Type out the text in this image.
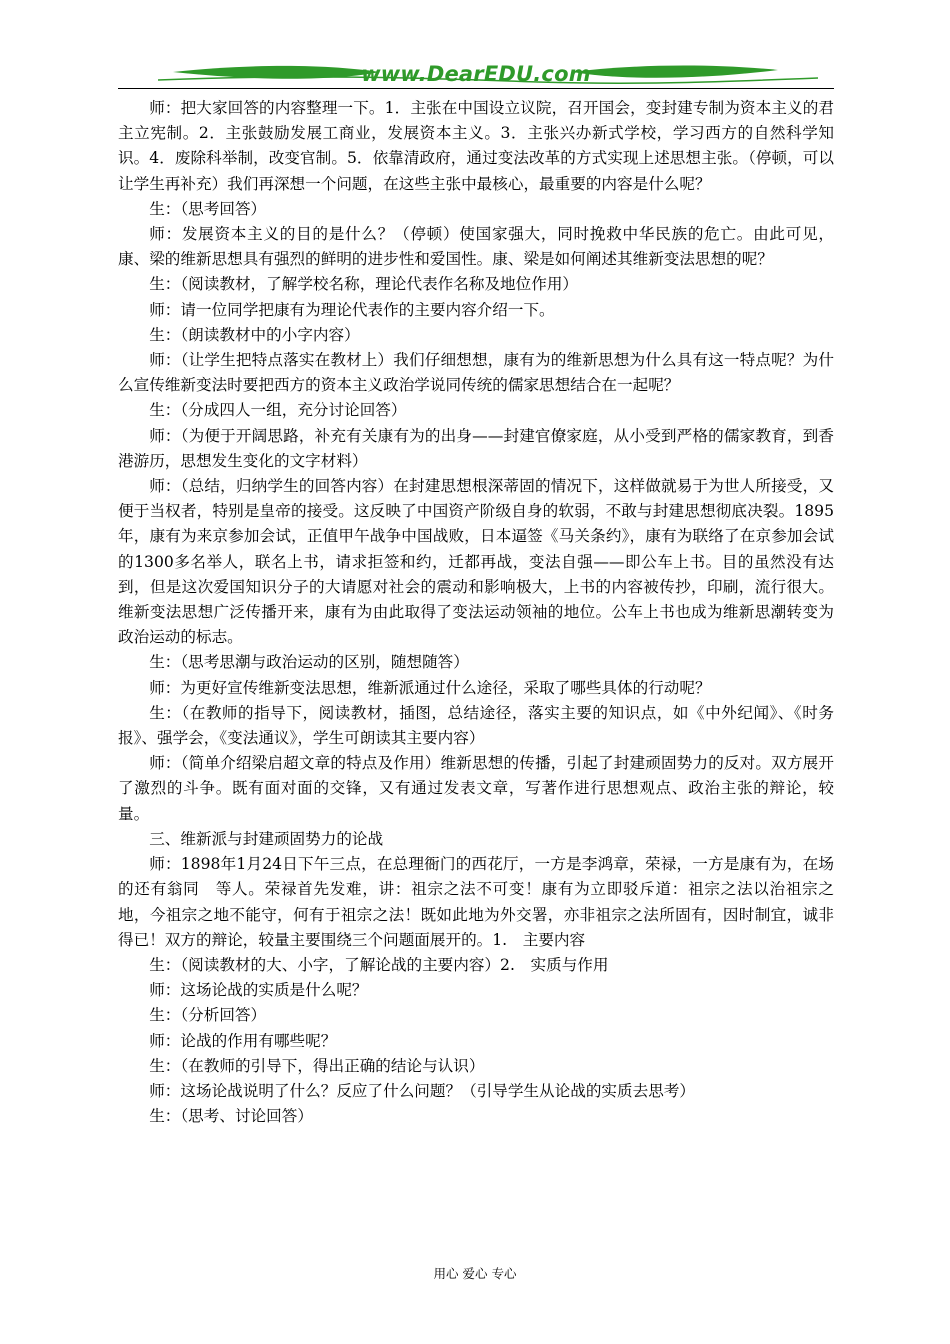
www.DearEDU.com

师：把大家回答的内容整理一下。1．主张在中国设立议院，召开国会，变封建专制为资本主义的君主立宪制。2．主张鼓励发展工商业，发展资本主义。3．主张兴办新式学校，学习西方的自然科学知识。4．废除科举制，改变官制。5．依靠清政府，通过变法改革的方式实现上述思想主张。（停顿，可以让学生再补充）我们再深想一个问题，在这些主张中最核心，最重要的内容是什么呢？

生：（思考回答）

师：发展资本主义的目的是什么？（停顿）使国家强大，同时挽救中华民族的危亡。由此可见，康、梁的维新思想具有强烈的鲜明的进步性和爱国性。康、梁是如何阐述其维新变法思想的呢？

生：（阅读教材，了解学校名称，理论代表作名称及地位作用）

师：请一位同学把康有为理论代表作的主要内容介绍一下。

生：（朗读教材中的小字内容）

师：（让学生把特点落实在教材上）我们仔细想想，康有为的维新思想为什么具有这一特点呢？为什么宣传维新变法时要把西方的资本主义政治学说同传统的儒家思想结合在一起呢？

生：（分成四人一组，充分讨论回答）

师：（为便于开阔思路，补充有关康有为的出身——封建官僚家庭，从小受到严格的儒家教育，到香港游历，思想发生变化的文字材料）

师：（总结，归纳学生的回答内容）在封建思想根深蒂固的情况下，这样做就易于为世人所接受，又便于当权者，特别是皇帝的接受。这反映了中国资产阶级自身的软弱，不敢与封建思想彻底决裂。1895年，康有为来京参加会试，正值甲午战争中国战败，日本逼签《马关条约》，康有为联络了在京参加会试的1300多名举人，联名上书，请求拒签和约，迁都再战，变法自强——即公车上书。目的虽然没有达到，但是这次爱国知识分子的大请愿对社会的震动和影响极大，上书的内容被传抄，印刷，流行很大。维新变法思想广泛传播开来，康有为由此取得了变法运动领袖的地位。公车上书也成为维新思潮转变为政治运动的标志。

生：（思考思潮与政治运动的区别，随想随答）

师：为更好宣传维新变法思想，维新派通过什么途径，采取了哪些具体的行动呢？

生：（在教师的指导下，阅读教材，插图，总结途径，落实主要的知识点，如《中外纪闻》、《时务报》、强学会，《变法通议》，学生可朗读其主要内容）

师：（简单介绍梁启超文章的特点及作用）维新思想的传播，引起了封建顽固势力的反对。双方展开了激烈的斗争。既有面对面的交锋，又有通过发表文章，写著作进行思想观点、政治主张的辩论，较量。

三、维新派与封建顽固势力的论战

师：1898年1月24日下午三点，在总理衙门的西花厅，一方是李鸿章，荣禄，一方是康有为，在场的还有翁同　等人。荣禄首先发难，讲：祖宗之法不可变！康有为立即驳斥道：祖宗之法以治祖宗之地，今祖宗之地不能守，何有于祖宗之法！既如此地为外交署，亦非祖宗之法所固有，因时制宜，诚非得已！双方的辩论，较量主要围绕三个问题面展开的。1.　主要内容

生：（阅读教材的大、小字，了解论战的主要内容）2.　实质与作用

师：这场论战的实质是什么呢？

生：（分析回答）

师：论战的作用有哪些呢？

生：（在教师的引导下，得出正确的结论与认识）

师：这场论战说明了什么？反应了什么问题？（引导学生从论战的实质去思考）

生：（思考、讨论回答）

用心 爱心 专心
